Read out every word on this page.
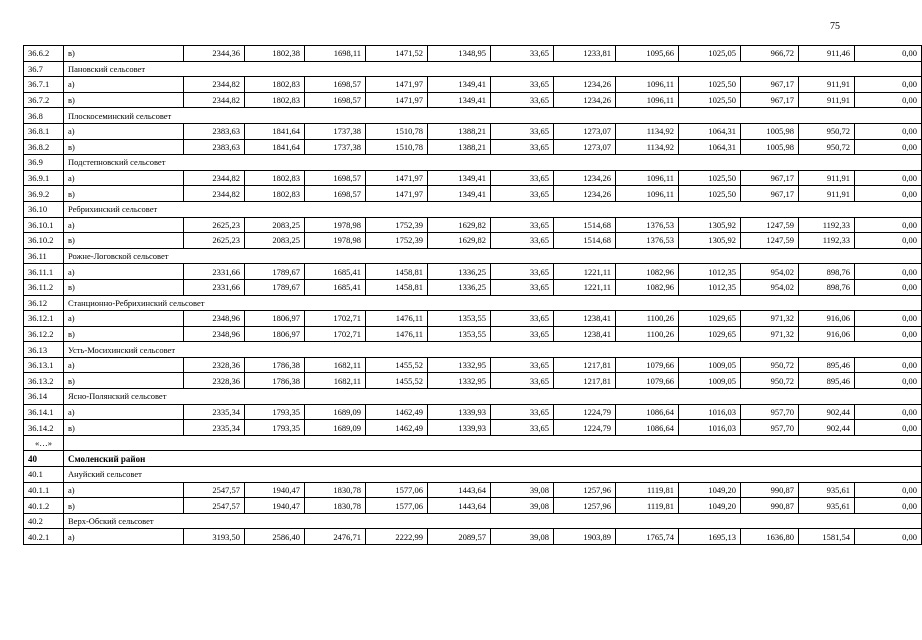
75
36.6.2	в)	2344,36	1802,38	1698,11	1471,52	1348,95	33,65	1233,81	1095,66	1025,05	966,72	911,46	0,00
36.7	Пановский сельсовет												
36.7.1	а)	2344,82	1802,83	1698,57	1471,97	1349,41	33,65	1234,26	1096,11	1025,50	967,17	911,91	0,00
36.7.2	в)	2344,82	1802,83	1698,57	1471,97	1349,41	33,65	1234,26	1096,11	1025,50	967,17	911,91	0,00
36.8	Плоскосеминский сельсовет												
36.8.1	а)	2383,63	1841,64	1737,38	1510,78	1388,21	33,65	1273,07	1134,92	1064,31	1005,98	950,72	0,00
36.8.2	в)	2383,63	1841,64	1737,38	1510,78	1388,21	33,65	1273,07	1134,92	1064,31	1005,98	950,72	0,00
36.9	Подстепновский сельсовет												
36.9.1	а)	2344,82	1802,83	1698,57	1471,97	1349,41	33,65	1234,26	1096,11	1025,50	967,17	911,91	0,00
36.9.2	в)	2344,82	1802,83	1698,57	1471,97	1349,41	33,65	1234,26	1096,11	1025,50	967,17	911,91	0,00
36.10	Ребрихинский сельсовет												
36.10.1	а)	2625,23	2083,25	1978,98	1752,39	1629,82	33,65	1514,68	1376,53	1305,92	1247,59	1192,33	0,00
36.10.2	в)	2625,23	2083,25	1978,98	1752,39	1629,82	33,65	1514,68	1376,53	1305,92	1247,59	1192,33	0,00
36.11	Рожне-Логовской сельсовет												
36.11.1	а)	2331,66	1789,67	1685,41	1458,81	1336,25	33,65	1221,11	1082,96	1012,35	954,02	898,76	0,00
36.11.2	в)	2331,66	1789,67	1685,41	1458,81	1336,25	33,65	1221,11	1082,96	1012,35	954,02	898,76	0,00
36.12	Станционно-Ребрихинский сельсовет												
36.12.1	а)	2348,96	1806,97	1702,71	1476,11	1353,55	33,65	1238,41	1100,26	1029,65	971,32	916,06	0,00
36.12.2	в)	2348,96	1806,97	1702,71	1476,11	1353,55	33,65	1238,41	1100,26	1029,65	971,32	916,06	0,00
36.13	Усть-Мосихинский сельсовет												
36.13.1	а)	2328,36	1786,38	1682,11	1455,52	1332,95	33,65	1217,81	1079,66	1009,05	950,72	895,46	0,00
36.13.2	в)	2328,36	1786,38	1682,11	1455,52	1332,95	33,65	1217,81	1079,66	1009,05	950,72	895,46	0,00
36.14	Ясно-Полянский сельсовет												
36.14.1	а)	2335,34	1793,35	1689,09	1462,49	1339,93	33,65	1224,79	1086,64	1016,03	957,70	902,44	0,00
36.14.2	в)	2335,34	1793,35	1689,09	1462,49	1339,93	33,65	1224,79	1086,64	1016,03	957,70	902,44	0,00
«…»													
40	Смоленский район												
40.1	Ануйский сельсовет												
40.1.1	а)	2547,57	1940,47	1830,78	1577,06	1443,64	39,08	1257,96	1119,81	1049,20	990,87	935,61	0,00
40.1.2	в)	2547,57	1940,47	1830,78	1577,06	1443,64	39,08	1257,96	1119,81	1049,20	990,87	935,61	0,00
40.2	Верх-Обский сельсовет												
40.2.1	а)	3193,50	2586,40	2476,71	2222,99	2089,57	39,08	1903,89	1765,74	1695,13	1636,80	1581,54	0,00
